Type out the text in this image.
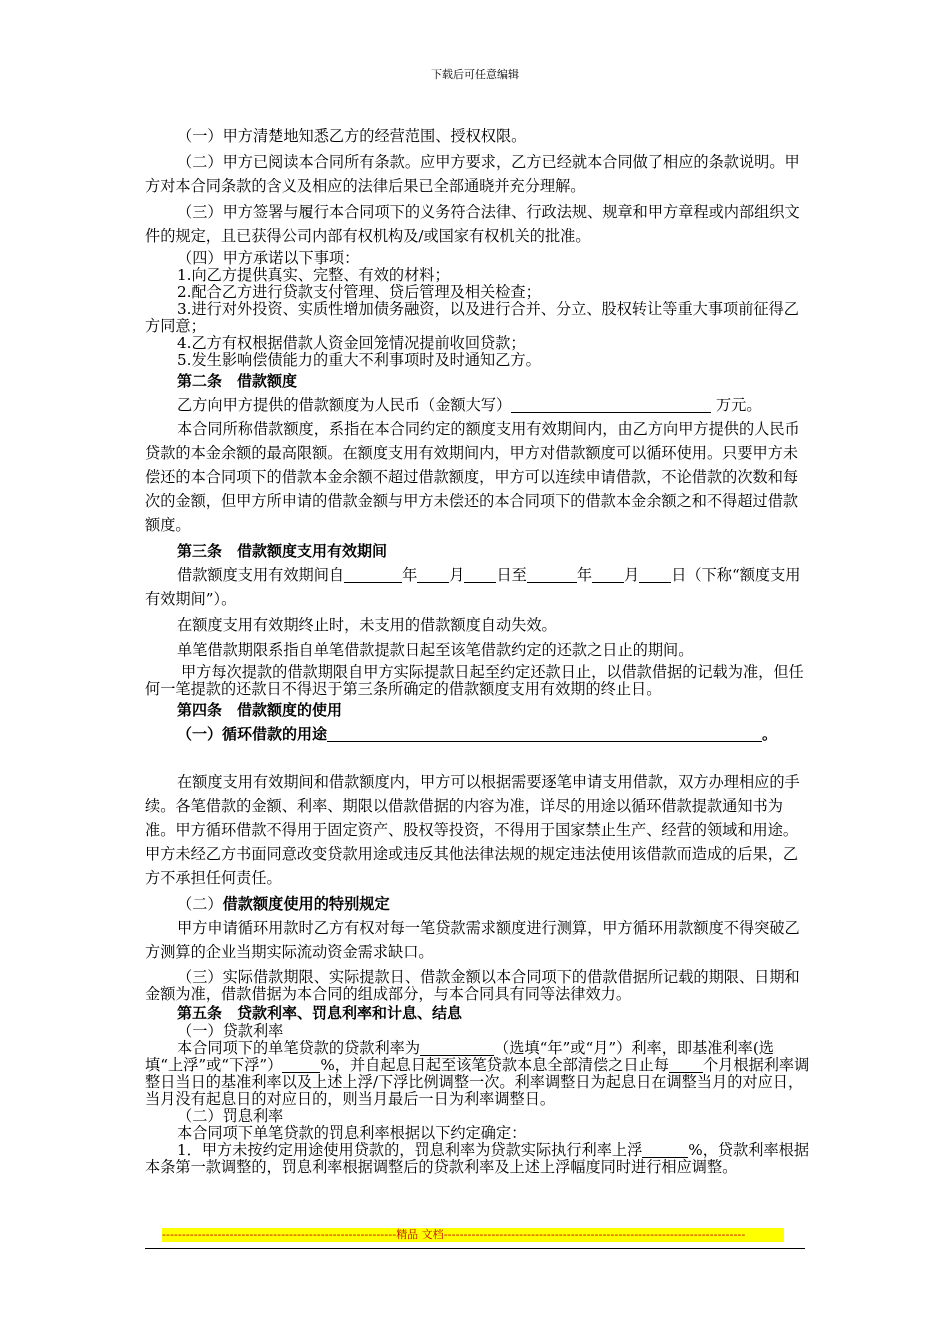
下载后可任意编辑

（一）甲方清楚地知悉乙方的经营范围、授权权限。

（二）甲方已阅读本合同所有条款。应甲方要求，乙方已经就本合同做了相应的条款说明。甲方对本合同条款的含义及相应的法律后果已全部通晓并充分理解。

（三）甲方签署与履行本合同项下的义务符合法律、行政法规、规章和甲方章程或内部组织文件的规定，且已获得公司内部有权机构及/或国家有权机关的批准。

（四）甲方承诺以下事项：

1.向乙方提供真实、完整、有效的材料；

2.配合乙方进行贷款支付管理、贷后管理及相关检查；

3.进行对外投资、实质性增加债务融资，以及进行合并、分立、股权转让等重大事项前征得乙方同意；

4.乙方有权根据借款人资金回笼情况提前收回贷款；

5.发生影响偿债能力的重大不利事项时及时通知乙方。

第二条　借款额度

乙方向甲方提供的借款额度为人民币（金额大写）	万元。

本合同所称借款额度，系指在本合同约定的额度支用有效期间内，由乙方向甲方提供的人民币贷款的本金余额的最高限额。在额度支用有效期间内，甲方对借款额度可以循环使用。只要甲方未偿还的本合同项下的借款本金余额不超过借款额度，甲方可以连续申请借款，不论借款的次数和每次的金额，但甲方所申请的借款金额与甲方未偿还的本合同项下的借款本金余额之和不得超过借款额度。

第三条　借款额度支用有效期间

借款额度支用有效期间自	年 月 日至	年 月 日（下称“额度支用有效期间”）。

在额度支用有效期终止时，未支用的借款额度自动失效。

单笔借款期限系指自单笔借款提款日起至该笔借款约定的还款之日止的期间。

甲方每次提款的借款期限自甲方实际提款日起至约定还款日止，以借款借据的记载为准，但任何一笔提款的还款日不得迟于第三条所确定的借款额度支用有效期的终止日。

第四条　借款额度的使用

（一）循环借款的用途	。

在额度支用有效期间和借款额度内，甲方可以根据需要逐笔申请支用借款，双方办理相应的手续。各笔借款的金额、利率、期限以借款借据的内容为准，详尽的用途以循环借款提款通知书为准。甲方循环借款不得用于固定资产、股权等投资，不得用于国家禁止生产、经营的领域和用途。甲方未经乙方书面同意改变贷款用途或违反其他法律法规的规定违法使用该借款而造成的后果，乙方不承担任何责任。

（二）借款额度使用的特别规定

甲方申请循环用款时乙方有权对每一笔贷款需求额度进行测算，甲方循环用款额度不得突破乙方测算的企业当期实际流动资金需求缺口。

（三）实际借款期限、实际提款日、借款金额以本合同项下的借款借据所记载的期限、日期和金额为准，借款借据为本合同的组成部分，与本合同具有同等法律效力。

第五条　贷款利率、罚息利率和计息、结息

（一）贷款利率

本合同项下的单笔贷款的贷款利率为	（选填“年”或“月”）利率，即基准利率(选填“上浮”或“下浮”）	%，并自起息日起至该笔贷款本息全部清偿之日止每 个月根据利率调整日当日的基准利率以及上述上浮/下浮比例调整一次。利率调整日为起息日在调整当月的对应日，当月没有起息日的对应日的，则当月最后一日为利率调整日。

（二）罚息利率

本合同项下单笔贷款的罚息利率根据以下约定确定：

1．甲方未按约定用途使用贷款的，罚息利率为贷款实际执行利率上浮	%，贷款利率根据本条第一款调整的，罚息利率根据调整后的贷款利率及上述上浮幅度同时进行相应调整。

-----------------------------------------------------------精品 文档----------------------------------------------------------------------------
